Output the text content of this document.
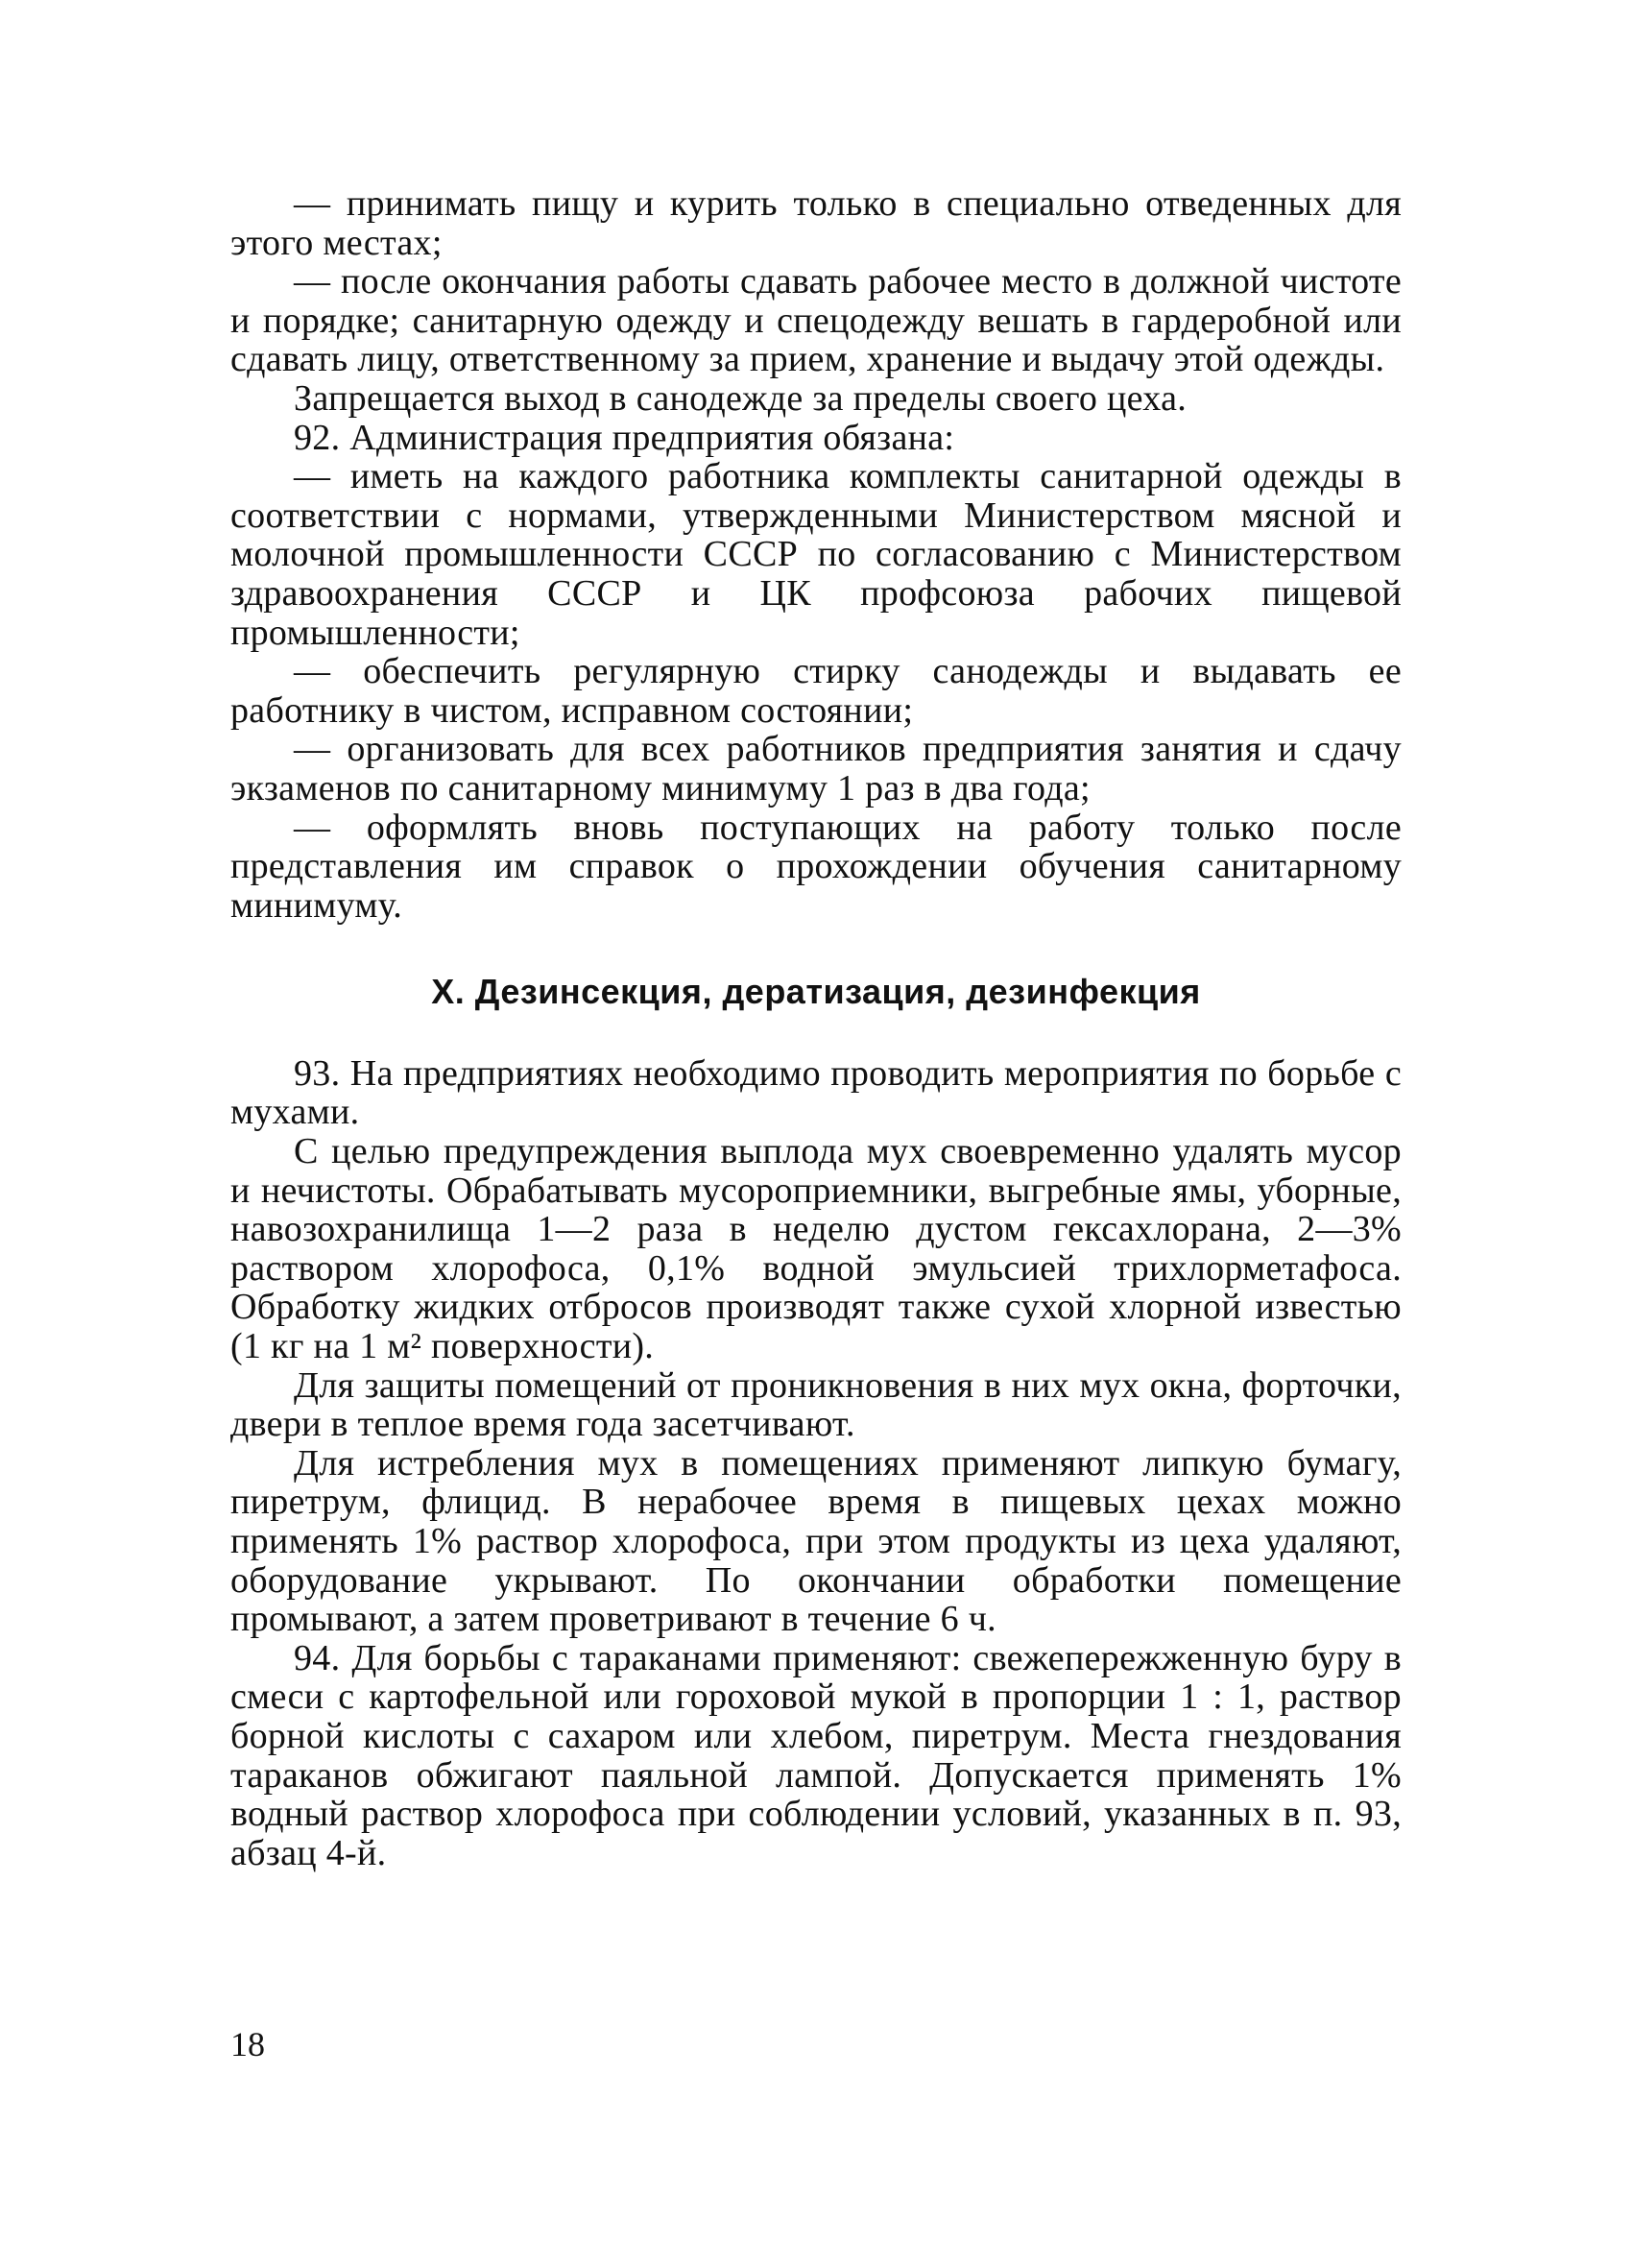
— принимать пищу и курить только в специально отведенных для этого местах;

— после окончания работы сдавать рабочее место в должной чистоте и порядке; санитарную одежду и спецодежду вешать в гардеробной или сдавать лицу, ответственному за прием, хранение и выдачу этой одежды.

Запрещается выход в санодежде за пределы своего цеха.

92. Администрация предприятия обязана:

— иметь на каждого работника комплекты санитарной одежды в соответствии с нормами, утвержденными Министерством мясной и молочной промышленности СССР по согласованию с Министерством здравоохранения СССР и ЦК профсоюза рабочих пищевой промышленности;

— обеспечить регулярную стирку санодежды и выдавать ее работнику в чистом, исправном состоянии;

— организовать для всех работников предприятия занятия и сдачу экзаменов по санитарному минимуму 1 раз в два года;

— оформлять вновь поступающих на работу только после представления им справок о прохождении обучения санитарному минимуму.

X. Дезинсекция, дератизация, дезинфекция

93. На предприятиях необходимо проводить мероприятия по борьбе с мухами.

С целью предупреждения выплода мух своевременно удалять мусор и нечистоты. Обрабатывать мусороприемники, выгребные ямы, уборные, навозохранилища 1—2 раза в неделю дустом гексахлорана, 2—3% раствором хлорофоса, 0,1% водной эмульсией трихлорметафоса. Обработку жидких отбросов производят также сухой хлорной известью (1 кг на 1 м² поверхности).

Для защиты помещений от проникновения в них мух окна, форточки, двери в теплое время года засетчивают.

Для истребления мух в помещениях применяют липкую бумагу, пиретрум, флицид. В нерабочее время в пищевых цехах можно применять 1% раствор хлорофоса, при этом продукты из цеха удаляют, оборудование укрывают. По окончании обработки помещение промывают, а затем проветривают в течение 6 ч.

94. Для борьбы с тараканами применяют: свежепережженную буру в смеси с картофельной или гороховой мукой в пропорции 1 : 1, раствор борной кислоты с сахаром или хлебом, пиретрум. Места гнездования тараканов обжигают паяльной лампой. Допускается применять 1% водный раствор хлорофоса при соблюдении условий, указанных в п. 93, абзац 4-й.

18
